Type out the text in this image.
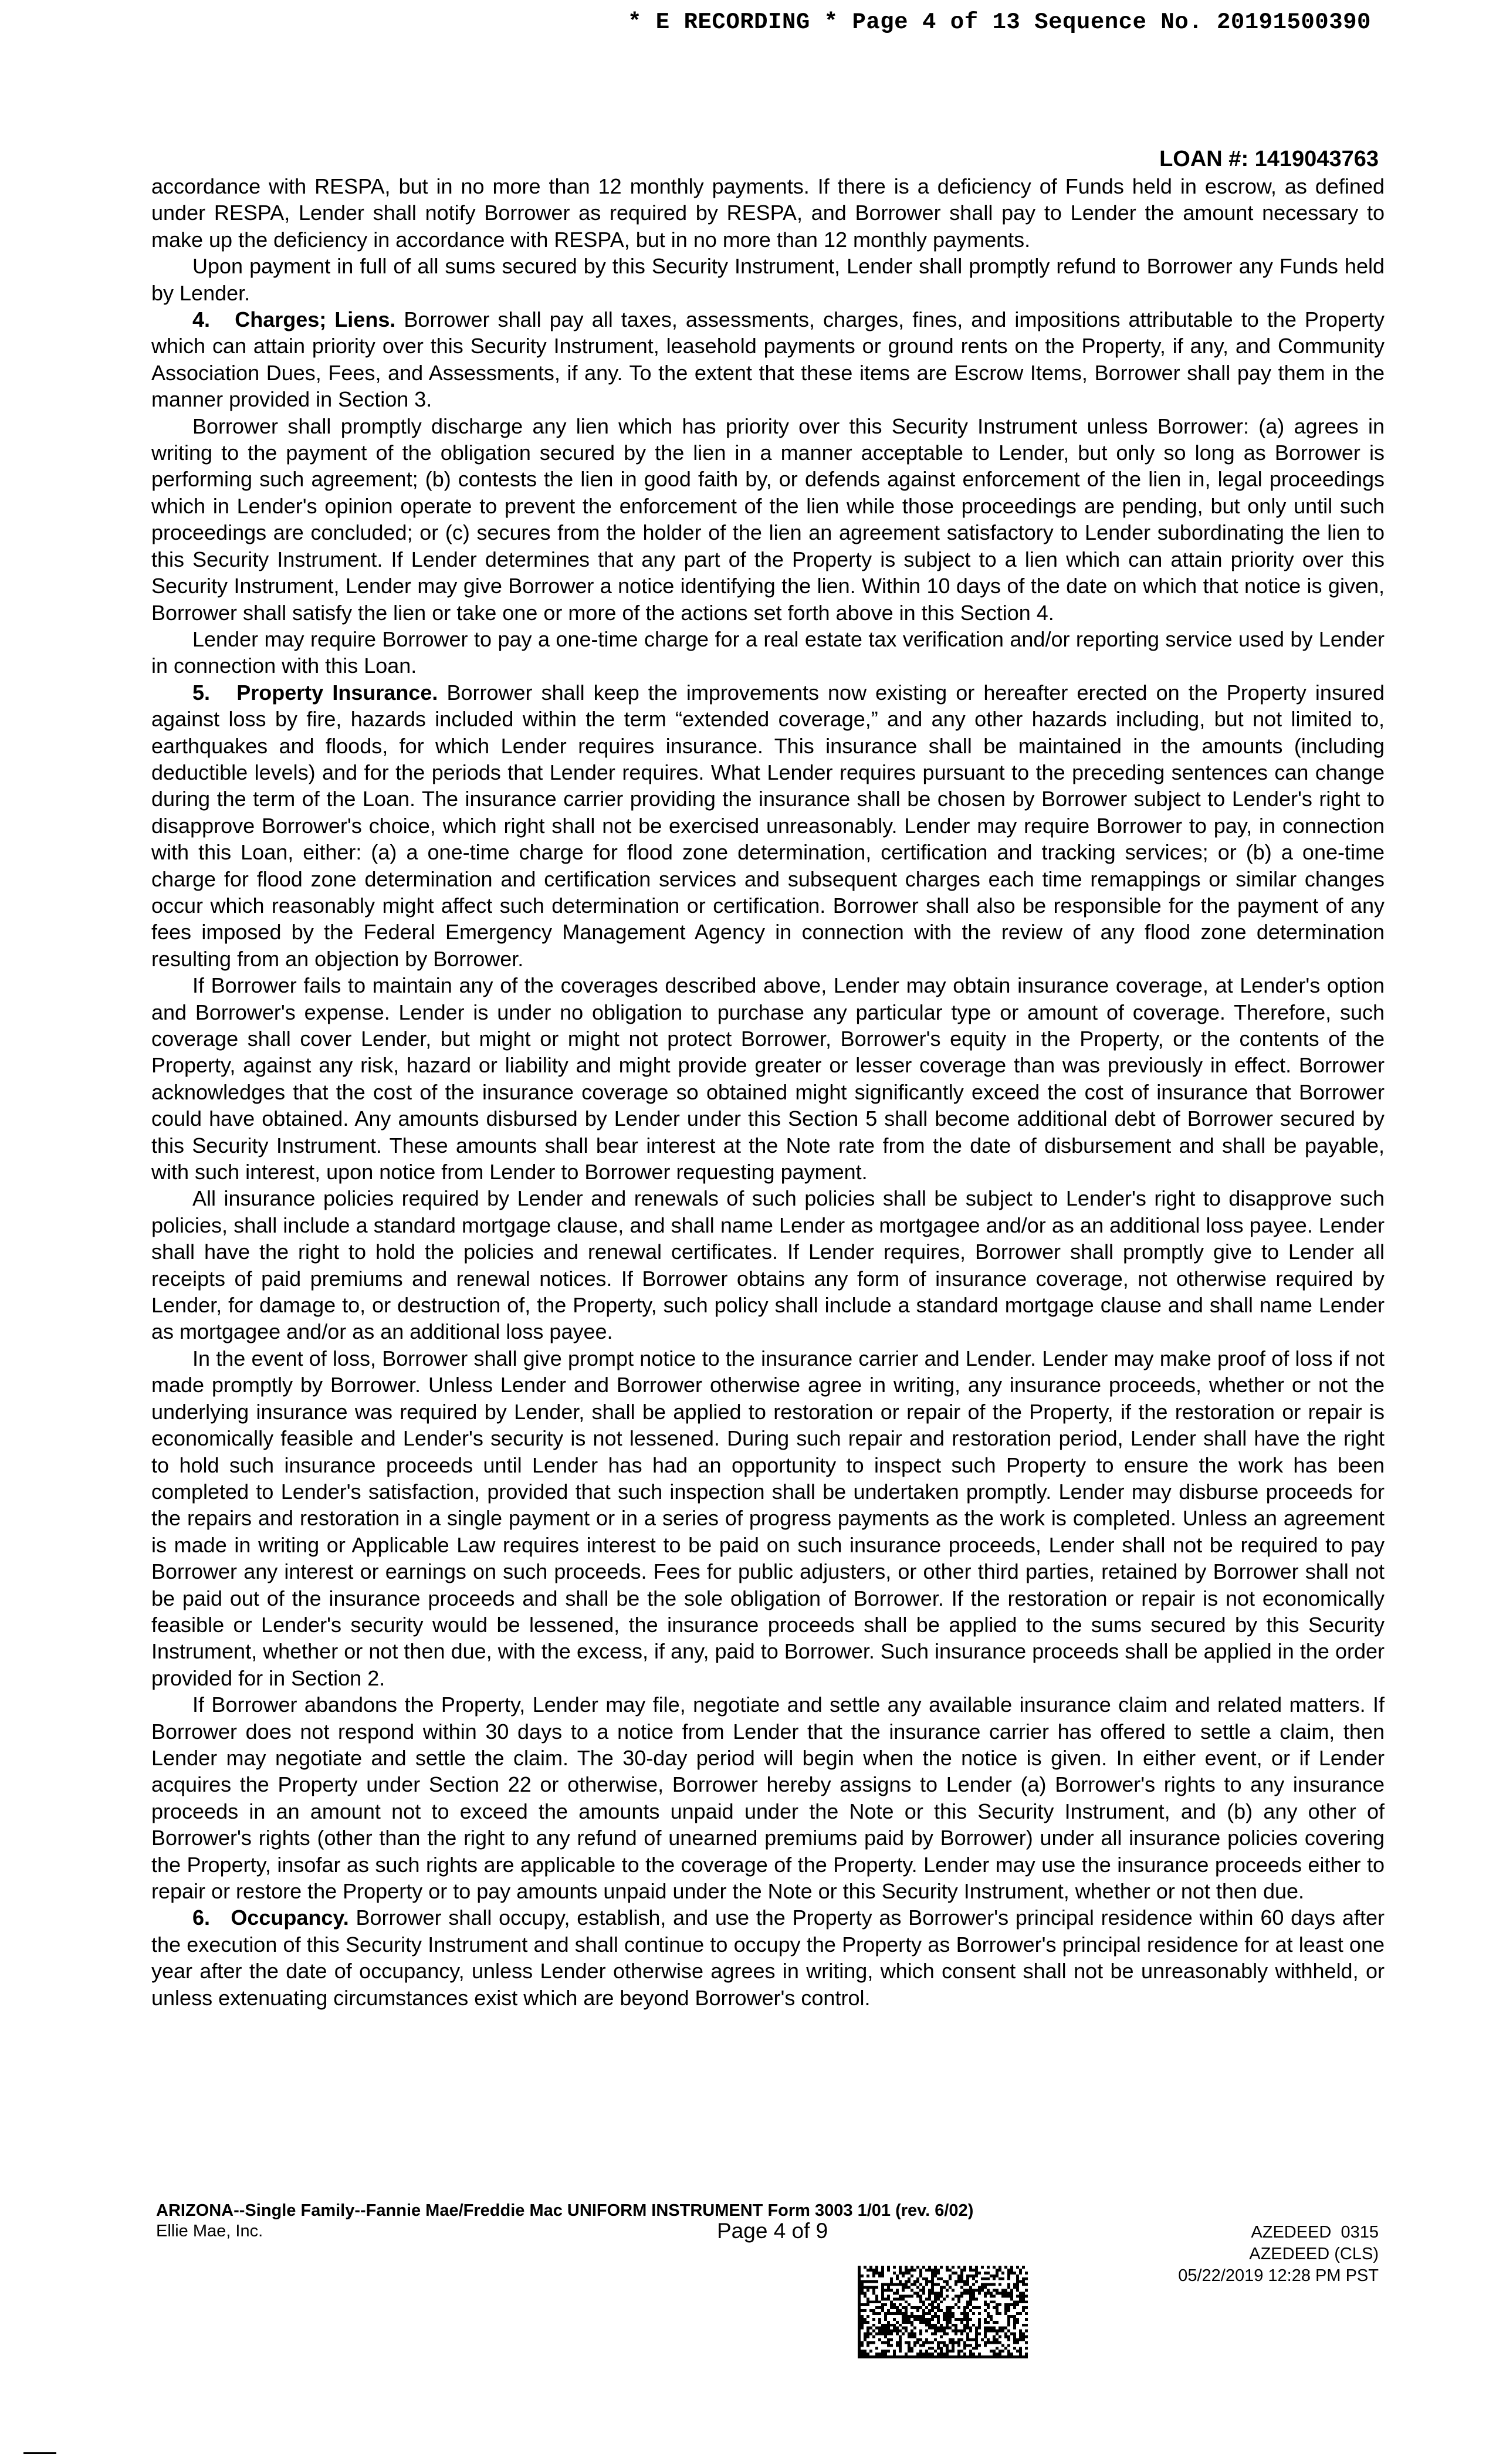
* E RECORDING * Page 4 of 13 Sequence No. 20191500390
LOAN #: 1419043763

accordance with RESPA, but in no more than 12 monthly payments. If there is a deficiency of Funds held in escrow, as defined under RESPA, Lender shall notify Borrower as required by RESPA, and Borrower shall pay to Lender the amount necessary to make up the deficiency in accordance with RESPA, but in no more than 12 monthly payments.

Upon payment in full of all sums secured by this Security Instrument, Lender shall promptly refund to Borrower any Funds held by Lender.

4. Charges; Liens. Borrower shall pay all taxes, assessments, charges, fines, and impositions attributable to the Property which can attain priority over this Security Instrument, leasehold payments or ground rents on the Property, if any, and Community Association Dues, Fees, and Assessments, if any. To the extent that these items are Escrow Items, Borrower shall pay them in the manner provided in Section 3.

Borrower shall promptly discharge any lien which has priority over this Security Instrument unless Borrower: (a) agrees in writing to the payment of the obligation secured by the lien in a manner acceptable to Lender, but only so long as Borrower is performing such agreement; (b) contests the lien in good faith by, or defends against enforcement of the lien in, legal proceedings which in Lender's opinion operate to prevent the enforcement of the lien while those proceedings are pending, but only until such proceedings are concluded; or (c) secures from the holder of the lien an agreement satisfactory to Lender subordinating the lien to this Security Instrument. If Lender determines that any part of the Property is subject to a lien which can attain priority over this Security Instrument, Lender may give Borrower a notice identifying the lien. Within 10 days of the date on which that notice is given, Borrower shall satisfy the lien or take one or more of the actions set forth above in this Section 4.

Lender may require Borrower to pay a one-time charge for a real estate tax verification and/or reporting service used by Lender in connection with this Loan.

5. Property Insurance. Borrower shall keep the improvements now existing or hereafter erected on the Property insured against loss by fire, hazards included within the term “extended coverage,” and any other hazards including, but not limited to, earthquakes and floods, for which Lender requires insurance. This insurance shall be maintained in the amounts (including deductible levels) and for the periods that Lender requires. What Lender requires pursuant to the preceding sentences can change during the term of the Loan. The insurance carrier providing the insurance shall be chosen by Borrower subject to Lender's right to disapprove Borrower's choice, which right shall not be exercised unreasonably. Lender may require Borrower to pay, in connection with this Loan, either: (a) a one-time charge for flood zone determination, certification and tracking services; or (b) a one-time charge for flood zone determination and certification services and subsequent charges each time remappings or similar changes occur which reasonably might affect such determination or certification. Borrower shall also be responsible for the payment of any fees imposed by the Federal Emergency Management Agency in connection with the review of any flood zone determination resulting from an objection by Borrower.

If Borrower fails to maintain any of the coverages described above, Lender may obtain insurance coverage, at Lender's option and Borrower's expense. Lender is under no obligation to purchase any particular type or amount of coverage. Therefore, such coverage shall cover Lender, but might or might not protect Borrower, Borrower's equity in the Property, or the contents of the Property, against any risk, hazard or liability and might provide greater or lesser coverage than was previously in effect. Borrower acknowledges that the cost of the insurance coverage so obtained might significantly exceed the cost of insurance that Borrower could have obtained. Any amounts disbursed by Lender under this Section 5 shall become additional debt of Borrower secured by this Security Instrument. These amounts shall bear interest at the Note rate from the date of disbursement and shall be payable, with such interest, upon notice from Lender to Borrower requesting payment.

All insurance policies required by Lender and renewals of such policies shall be subject to Lender's right to disapprove such policies, shall include a standard mortgage clause, and shall name Lender as mortgagee and/or as an additional loss payee. Lender shall have the right to hold the policies and renewal certificates. If Lender requires, Borrower shall promptly give to Lender all receipts of paid premiums and renewal notices. If Borrower obtains any form of insurance coverage, not otherwise required by Lender, for damage to, or destruction of, the Property, such policy shall include a standard mortgage clause and shall name Lender as mortgagee and/or as an additional loss payee.

In the event of loss, Borrower shall give prompt notice to the insurance carrier and Lender. Lender may make proof of loss if not made promptly by Borrower. Unless Lender and Borrower otherwise agree in writing, any insurance proceeds, whether or not the underlying insurance was required by Lender, shall be applied to restoration or repair of the Property, if the restoration or repair is economically feasible and Lender's security is not lessened. During such repair and restoration period, Lender shall have the right to hold such insurance proceeds until Lender has had an opportunity to inspect such Property to ensure the work has been completed to Lender's satisfaction, provided that such inspection shall be undertaken promptly. Lender may disburse proceeds for the repairs and restoration in a single payment or in a series of progress payments as the work is completed. Unless an agreement is made in writing or Applicable Law requires interest to be paid on such insurance proceeds, Lender shall not be required to pay Borrower any interest or earnings on such proceeds. Fees for public adjusters, or other third parties, retained by Borrower shall not be paid out of the insurance proceeds and shall be the sole obligation of Borrower. If the restoration or repair is not economically feasible or Lender's security would be lessened, the insurance proceeds shall be applied to the sums secured by this Security Instrument, whether or not then due, with the excess, if any, paid to Borrower. Such insurance proceeds shall be applied in the order provided for in Section 2.

If Borrower abandons the Property, Lender may file, negotiate and settle any available insurance claim and related matters. If Borrower does not respond within 30 days to a notice from Lender that the insurance carrier has offered to settle a claim, then Lender may negotiate and settle the claim. The 30-day period will begin when the notice is given. In either event, or if Lender acquires the Property under Section 22 or otherwise, Borrower hereby assigns to Lender (a) Borrower's rights to any insurance proceeds in an amount not to exceed the amounts unpaid under the Note or this Security Instrument, and (b) any other of Borrower's rights (other than the right to any refund of unearned premiums paid by Borrower) under all insurance policies covering the Property, insofar as such rights are applicable to the coverage of the Property. Lender may use the insurance proceeds either to repair or restore the Property or to pay amounts unpaid under the Note or this Security Instrument, whether or not then due.

6. Occupancy. Borrower shall occupy, establish, and use the Property as Borrower's principal residence within 60 days after the execution of this Security Instrument and shall continue to occupy the Property as Borrower's principal residence for at least one year after the date of occupancy, unless Lender otherwise agrees in writing, which consent shall not be unreasonably withheld, or unless extenuating circumstances exist which are beyond Borrower's control.

ARIZONA--Single Family--Fannie Mae/Freddie Mac UNIFORM INSTRUMENT Form 3003 1/01 (rev. 6/02)
Ellie Mae, Inc.	Page 4 of 9	AZEDEED  0315
AZEDEED (CLS)
05/22/2019 12:28 PM PST
